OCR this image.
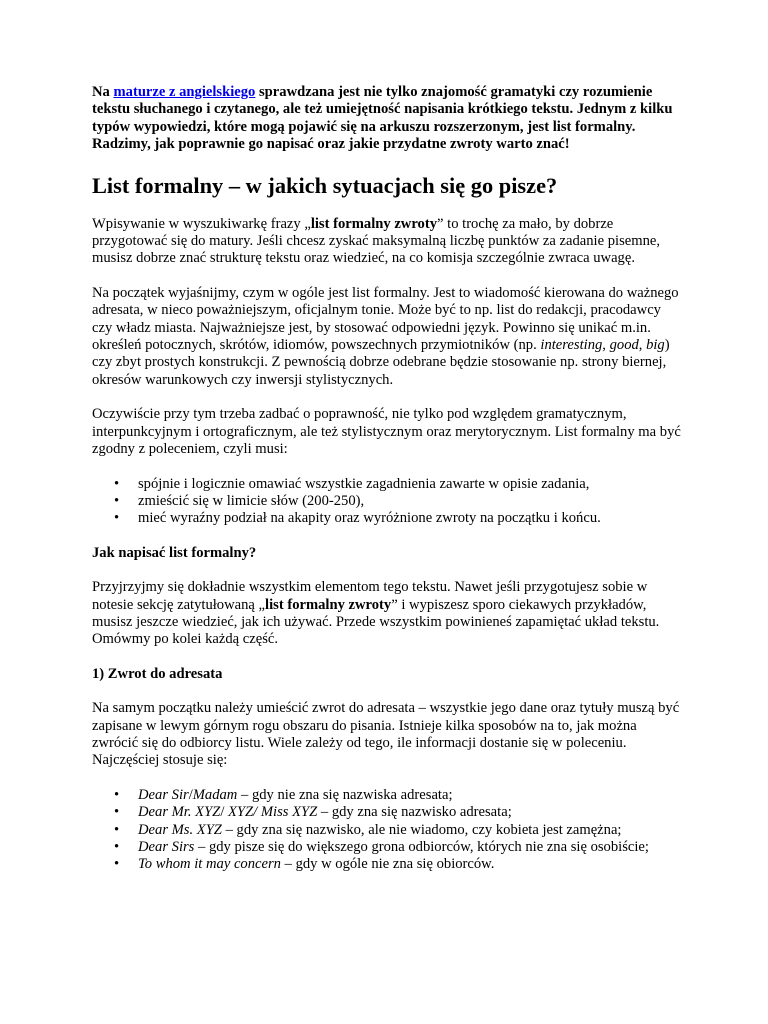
Na maturze z angielskiego sprawdzana jest nie tylko znajomość gramatyki czy rozumienie tekstu słuchanego i czytanego, ale też umiejętność napisania krótkiego tekstu. Jednym z kilku typów wypowiedzi, które mogą pojawić się na arkuszu rozszerzonym, jest list formalny. Radzimy, jak poprawnie go napisać oraz jakie przydatne zwroty warto znać!

List formalny – w jakich sytuacjach się go pisze?

Wpisywanie w wyszukiwarkę frazy „list formalny zwroty” to trochę za mało, by dobrze przygotować się do matury. Jeśli chcesz zyskać maksymalną liczbę punktów za zadanie pisemne, musisz dobrze znać strukturę tekstu oraz wiedzieć, na co komisja szczególnie zwraca uwagę.

Na początek wyjaśnijmy, czym w ogóle jest list formalny. Jest to wiadomość kierowana do ważnego adresata, w nieco poważniejszym, oficjalnym tonie. Może być to np. list do redakcji, pracodawcy czy władz miasta. Najważniejsze jest, by stosować odpowiedni język. Powinno się unikać m.in. określeń potocznych, skrótów, idiomów, powszechnych przymiotników (np. interesting, good, big) czy zbyt prostych konstrukcji. Z pewnością dobrze odebrane będzie stosowanie np. strony biernej, okresów warunkowych czy inwersji stylistycznych.

Oczywiście przy tym trzeba zadbać o poprawność, nie tylko pod względem gramatycznym, interpunkcyjnym i ortograficznym, ale też stylistycznym oraz merytorycznym. List formalny ma być zgodny z poleceniem, czyli musi:

• spójnie i logicznie omawiać wszystkie zagadnienia zawarte w opisie zadania,
• zmieścić się w limicie słów (200-250),
• mieć wyraźny podział na akapity oraz wyróżnione zwroty na początku i końcu.
Jak napisać list formalny?

Przyjrzyjmy się dokładnie wszystkim elementom tego tekstu. Nawet jeśli przygotujesz sobie w notesie sekcję zatytułowaną „list formalny zwroty” i wypiszesz sporo ciekawych przykładów, musisz jeszcze wiedzieć, jak ich używać. Przede wszystkim powinieneś zapamiętać układ tekstu. Omówmy po kolei każdą część.

1) Zwrot do adresata

Na samym początku należy umieścić zwrot do adresata – wszystkie jego dane oraz tytuły muszą być zapisane w lewym górnym rogu obszaru do pisania. Istnieje kilka sposobów na to, jak można zwrócić się do odbiorcy listu. Wiele zależy od tego, ile informacji dostanie się w poleceniu. Najczęściej stosuje się:

• Dear Sir/Madam – gdy nie zna się nazwiska adresata;
• Dear Mr. XYZ/ XYZ/ Miss XYZ – gdy zna się nazwisko adresata;
• Dear Ms. XYZ – gdy zna się nazwisko, ale nie wiadomo, czy kobieta jest zamężna;
• Dear Sirs – gdy pisze się do większego grona odbiorców, których nie zna się osobiście;
• To whom it may concern – gdy w ogóle nie zna się obiorców.
